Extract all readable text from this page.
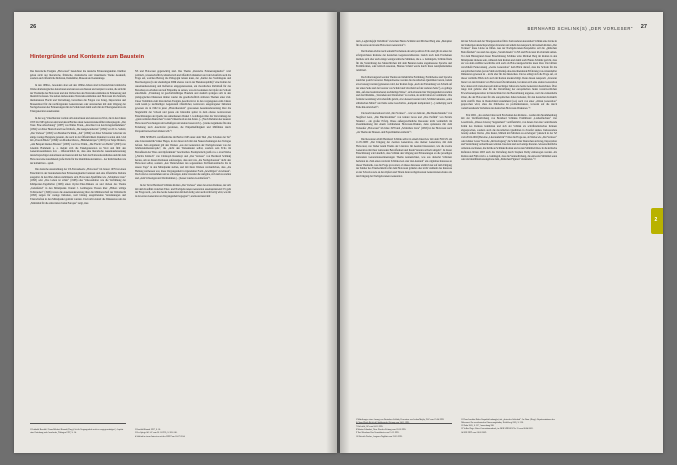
26
Hintergründe und Kontexte zum Baustein

Das historische Ereignis „Holocaust“ bezeichnet die deutsche Erinnerungskultur. Darüber geben nicht nur literarische, filmische, dramatische und visualisierte Werke Auskunft, sondern auch öffentliche Debatten, Denkmäler, Museen und Gedenktage.

In den 1980er-, besonders aber seit den 1990er-Jahren sind in Deutschland zahlreiche Werke dramaturgischer Autorinnen und Autoren erschienen und rezipiert worden, die sich mit der Thematik des Holocaust und den Verbrechen des Nationalsozialismus in Erinnerung und Identität befassen. Sie stehen insbesondere Nationalsozialismus und Holocaust im Zentrum, thematisieren Flucht und Vertreibung, betrachten die Folgen von Krieg, Deportation und Massenmord für die nachfolgenden Generationen oder untersuchen mit dem Umgang der Nachgeborenen der Erinnerungen mit der Schuld und damit auch mit der Elterngeneration als Tätergeneration auseinander.

In der sog. Väterliteratur wollen sich Autorinnen und Autoren zu Wort, die in den Jahren 1955 bis 1965 geboren sind und deren Bücher einen Generationskonflikt widerspiegeln. „Der Vater. Eine Abrechnung“ (1987) von Niklas Frank, „Abschied von den Kriegsteilnehmern“ (1992) von Peter Henisch und Josef Orthofs „Die Ausgewanderten“ (1992) von W. G. Sebald, „Der Vorleser“ (1995) von Bernhard Schlink, „Jud“ (1996) von Peter Schneider wäre hier als einige wenige Beispiele genannt, die auch in der Öffentlichkeit diskutiert worden sind. Und mit „Pawels Briefe“ (1999) von Monika Maron, „Himmelskörper“ (2003) von Tanja Dückers, „Am Beispiel meines Bruders“ (2003) von Uwe Timm, „Die Flucht von Berlin“ (2003) von Gisemis Hammesb u. a. meldet sich die Enkelgeneration zu Wort und füllt den Generationendiskurs fort. – Offensichtlich ist, dass eine literarische Auseinandersetzung deutschsprachiger Autorinnen und Autoren mit der Zeit des Nationalsozialismus und mit dem Holocaust eine zunehmend große Rolle für die Identitätskonstruktion – der Individuellen wie der kollektiven – spielt.

Die deutsche Ausstrahlung der US-Fernsehserie „Holocaust“ im Januar 1979 hat einen Einschnitt in der bundesdeutschen Erinnerungskultur bedeutet und eine öffentliche Debatte ausgelöst. In den 90er-Jahren stabilisierte sich, Holocaust-Spielfilme wie „Schindlers Liste“ (1993) oder „Das Leben ist schön“ (1998) oder Videozeitalter wie die Verfilmung der Klimperner-Tagebücher (1999) einen Oyder-Täter-Diskurs an und rücken das Thema „Judenfeind“ in den Mittelpunkt. Daniel J. Goldhagens Thesen über „Hitlers willige Vollstrecker“ (1996) waren die Auseinandersetzung über die Mittäterschaft der Wehrmacht (1995) zeigen für wenige Debatten, weil bislang ausgeblendete Verzahnungen und Täterschaften in den Mittelpunkt gerückt wurden. Und nicht zuletzt die Diskussion um das „Mahnmal für die ermordeten Juden Europas“ zeigt, dass

NS und Holocaust gegenwärtig sind. Das Thema „Deutsche Erinnerungskultur“ wird politisch, wissenschaftlich, künstlerisch und öffentlich diskutiert und wird ebenfalls auch die Frage auf, welchen Beitrag die Pädagogik leisten kann, der „Kultur des Verdrängens und Beschweigens (in der ehemaligen DDR ebenso wie in der Bundesrepublik)“ eine Kultur der Auseinandersetzung und Reflexion entgegenzusetzen, ein moralisches Richtmaß für das Bewahren zu erhalten und auf Empathie zu setzen, was ein Gedenken der Opfer der Schoah einschließt. „Erziehung ist geschichtsfähiges Handeln und deshalb springen sich in den pädagogischen Diskursen immer wieder die gesellschaftlich stritteten Themen einer Zeit. Unser Verhältnis zum historischen Ereignis Auschwitz ist in den vergangenen zehn Jahren wohl kaum je nachhaltiger Gegenstand öffentlicher, kontrovers ausgetragener Debatten gewesen als in 1992 in jener „Historikerstreit“ gewesenen Auseinandersetzung über die Singularität der Schoah und genau ein Jahrzehnt später in dem ebenso kontroversen Einschätzungen der Quelle des Amerikaners Daniel J. Goldhagen über die Verwicklung der „ganz normalen Deutschen“ in den Völkermord an den Juden. [...] Nach Debatten der neueren Holocaust-Forschungen um Geläufigen und andere lassen sich [...] starke Argumente für eine Erziehung nach Auschwitz gewinnen, die Empathiefähigkeit und Mitfühlen durch Perspektivenwechsel stärken will.“¹

DER SPIEGEL veröffentlichte im Herbst 1995 unter dem Titel „Der Schatten der Tat“ eine Literaturkritik Volker Hages, in der dieser sich mit den Neuerscheinungen des Verlages befasst. Sein Argument gilt den Werken „aus der Generation der Nachgeborenen von der Jahrhundertkatastrophe“, die „nicht den Waisenkunst selbst, sondern sein Echo im Bewußtsein der Täter- und Opferkinder“ beschreiben. Exemplarisch greift er u. a. zwei Werke („Nichts Klabach“ von Christoph Ransmayr und „Der Vorleser“ von Bernhard Schlink) heraus, um an diesen Romanen aufzuzeigen, dass und wie „die Nachgeborenen“ nicht den Holocaust selbst, sondern „den Weiterwirken des sogenannten Zivilisationsbruchs bis in unsere Tage“ in den Mittelpunkt stellen, und mit ihren Werken verdeutlichen, dass „die Haltung vermessen war, diese Vergangenheit in irgendeiner Form „bewältigen“ zu können“. Doch sind es verstummen und es schweigen, kalte Literatur die Aufgabe, sich dem zu stellen und „zum Schweigen und Verdrummen [...] besser wieder zu entäu ßern“².

In der Tat ist Bernhard Schlinks Roman „Der Vorleser“ einer der ersten Romane, der sich mit dem Konflikt zwischen Täter- und Nachgeborenen-Generation auseinandersetzt: Er geht der Frage nach, „wie die zweite Generation mit dem fertig oder auch nicht fertig wird, was ihr in der ersten Generation an Vergangenheit begegnet“³, und konstruiert mit

1 Reinhold Boschki / Franz-Michael Konrad (Hrsg.): Ist die Vergangenheit noch zu vergegenwärtigen?, Aspekte einer Erziehung nach Auschwitz, Tübingen 1997, S. 14.
2 Boschki/Konrad 1997, S. 18.
3 Der Spiegel 41+47 vom 20.11.1995, S. 283–245.
4 Schlink in einem Interview mit der WELT am 16.07.2014.
BERNHARD SCHLINK(S) „DER VORLESER“ 27
2

dem „Leghörik(e)it Verhältnis“ zwischen Hanna Schmitz und Michael Berg eine „Metapher für die erste und zweite Holocaust-Generation“⁴.

Der Roman erlebte nach seinem Erscheinen ein sehr positives Echo und gilt als einer der erfolgreichsten Romane der deutschen Gegenwartsliteratur. Gleich nach dem Erscheinen meldete sich aber auch einige wenige kritische Stimmen, die u. a. bemängeln, Schlink fände für die Vernichtung des Menschlichen mit dem Benuten keine angemessene Sprache und Erzählformen, oder kritisch ansetzen, Hannas Schuld werde durch ihren Analphabetismus relativiert.

Doch überwiegend werden Thema und inhaltliche Erzählung, Erzählweise und Sprache zunächst positiv bewertet. Beispielsweise werden die moralischen Qualitäten betont, indem etwa bezeugt werden (gelesenen wird, der Roman frage „nach der Entstehung von Schuld auf der einen Seite und der Grenze von Schuld und Unschuld auf der anderen Seite“), es gelinge ihm „auf eine beeindruckend, nachhaltige Weise“, sich erinnernd der Vergangenheit zu stellen und das Dilemma, „Verstehen und Verurteilen“ zu wollen, als nicht lösbar zu vermitteln⁵. Die formale Gestaltung wird ebenfalls gelobt, etwa dessen besonnt wird, Schlink bekannte „seine stilistischen Mittel“ und halte seine Geschichte „kompakt komplexiert [...] zeitkörpig auch Ende hin entwickelt“⁶.

Und auch international wird „Der Vorleser“ – wie vor dem nur „Die Deutschstunde“ von Siegfried Lenz, „Die Blechtrommel“ von Günter Grass und „Das Parfüm“ von Patrick Süskind – ein großer Erfolg. Diese außergewöhnliche Resonanz nicht vermutlich im Zusammenhang mit einem verbündeten Holocaust-Diskurs, denn spätestens mit dem Verkaufer „Holocaust“ im Jahre 1978 und „Schindlers Liste“ (1993) ist der Holocaust auch „als Thema der Massen- und Populärkultur entdeckt“⁷.

Die Resonanz erhält Bernhard Schlink selbst in einem Interview mit dem FOCUS am 11.05.1998: „Der Umgang der zweiten Generation, also meiner Generation, mit dem Holocaust, war bisher kaum Thema der Literatur. Im Ausland interessiert, wie die zweite Generation mit ihrer nationalen Betroffenheit und ihrem Verantwortbach umgeht“. In dieser Einschätzung wird deutlich, dass Schlink den Umgang und Erinnerungen an die jeweiligen nationalen Generationserinnerungen Thema kennzeichnet, was aus dreierlei Schicken herleiten ist. Zum einen verdeckt Schlink zwei oder drei Ausland“ ein originäres Interesse an dieser Thematik, was die Frage provoziert, ob dieses Interesse wirklich nur auf dem Umgang der Kinder des Täterkollektivs mit dem Holocaust gründet oder nicht vielmehr das Interesse an der Schoah sowie an den Opfern und Tätern dann nachgeborenen Generationen ebenso als den Umgang der Nachgeborenen-Generation

mit der Schoah und der Tätergeneration führt. Zum anderen konstatiert Schlink eine Lücke in der bisherigen deutschsprachigen Literatur und erhebt den Anspruch, mit seinem Roman „Der Vorleser“ diese Lücke zu füllen. Aus der Nachgeborenen-Perspektive soll die „jüdischen Betroffenheit“ neu und das eigene „Verstrickisein“ in NS und Holocaust im Zentrum stehen. Vor dem Hintergrund dieser Einschätzung Schlinks wäre Michael Berg im Roman in den Mittelpunkt rückens sein, während dem Roman und damit auch Hanna Schmitz gericht, dass sie von dem erzählte Geschichte sich auch als Holocaustgeschichte lesen lässt. Und dritten verschließt Ferne/Anung „zweite Generation“ dem Blick darauf, dass die Schoah für die europäischen Juden (sowie Sinti und Roma) eine einschneidende Erfahrung von existentieller Dimension gewesen ist – nicht aber für die Deutschen. Und es eilingt sich die Frage auf, ob dieser vermittle Blick sich auch im Roman niederschlägt. Denn diesen Anspruch „Literatur bietet von den Kindern von Holocaust-Überlebenden, bei denen sich eine andere Generation bzw. denen sich viele eines seit dem sechziger Jahren als zweite Generation bezeichnen. Über lange Zeit gehörte aber für die Vernichtung der europäischen Juden verantwortlichen Erwachsenengeneration in Deutschland ist die Bezeichnung ungenau, weil die existentielle Zäsur, die der Holocaust für alle europäischen Juden bedeutet, für den deutschen Kollektiv nicht zutrifft. Dass in Deutschland zunehmend (u.a) auch von einer „dritten Generation“ gesprochen wird, ohne die Zählweise zu problematisieren, verweist auf die durch weiterbestehende Verhaltens des deutschen Holocaust-Diskurses.“⁸

Erst 2002 – also sieben Jahre nach Erscheinen des Romans – werden im Zusammenhang mit der Veröffentlichung von Bernhard Schlinks Erzählband „Liebesfluchten“ vier Leserbriefe, „Dieses Literary Supplement“ veröffentlicht, von denen drei eine vernichtende Kritik des Romans beinhalten und sich der Schlink als schriftstellerisches Können abgesprochen, sondern auch die moralischen Qualitäten in Zweifel ziehen. Insbesondere Jeremy Adlers Verriss „Die Kunst, Mitleid mit Mördern zu erzwingen“ (deutsch in der SZ vom 20.04.2002) Bei eine „Literaturkritik“¹⁰ über die Frage aus, ob Werke wie „Der Vorleser“ oder Günter Grass’ Novelle „Im Krebsgang“ die Schuld der Deutschen an Krieg, Deportation und Vernichtung verharmlosen würden. Insofern sind auch einige literatur-/wissenschaftliche Arbeiten erschienen, die Kritik an Schlinks Roman und an den Stilmittel üben. In die kritische Reflexion bilden 2003 auch die Vertiefung durch Stephen Dolby einbezogen werden. Als Roman und Film wird u. a. bemängelt, dass die Verniedlichung, die entweder Stilmittel seien oder als Identifikationsangebote dem „Jüdischen Figuren“ abzuzielen.“¹¹

5 Mitteilungen einer Auszug von Deutschen Schlink, Rezension von Jordan Majda, FAZ vom 25.04.1999.
6 Claus-Ulrich Bielefeld, Süddeutsche Zeitung vom 24.11.1995.
7 Bielefeld, SZ vom 24.11.1995.
8 Marion Löhndorf, Neue Zürcher Zeitung vom 28.10.1995.
9 Toni Wenzhau: Das Vermächtnis vom 15.12.1995.
10 Dietrich Fischer, Aargauer Tagblatt vom 23.03.1995.
11 Hans Joachim Hahn: Empathielenkung(en) als „deutsches Schicksal“. In: Dam. (Hrsg.): Repräsentationen des Holocaust. Zur westdeutschen Erinnerungskultur, Heidelberg 2005, S. 236.
12 Hahn 2005, S. 237, Anmerkung 596.
13 Volker Hage: Unter Generationendruck, in: DER SPIEGEL Nr. 15 vom 08.04.2002.
14 DIE ZEIT vom 26.02.2009.
